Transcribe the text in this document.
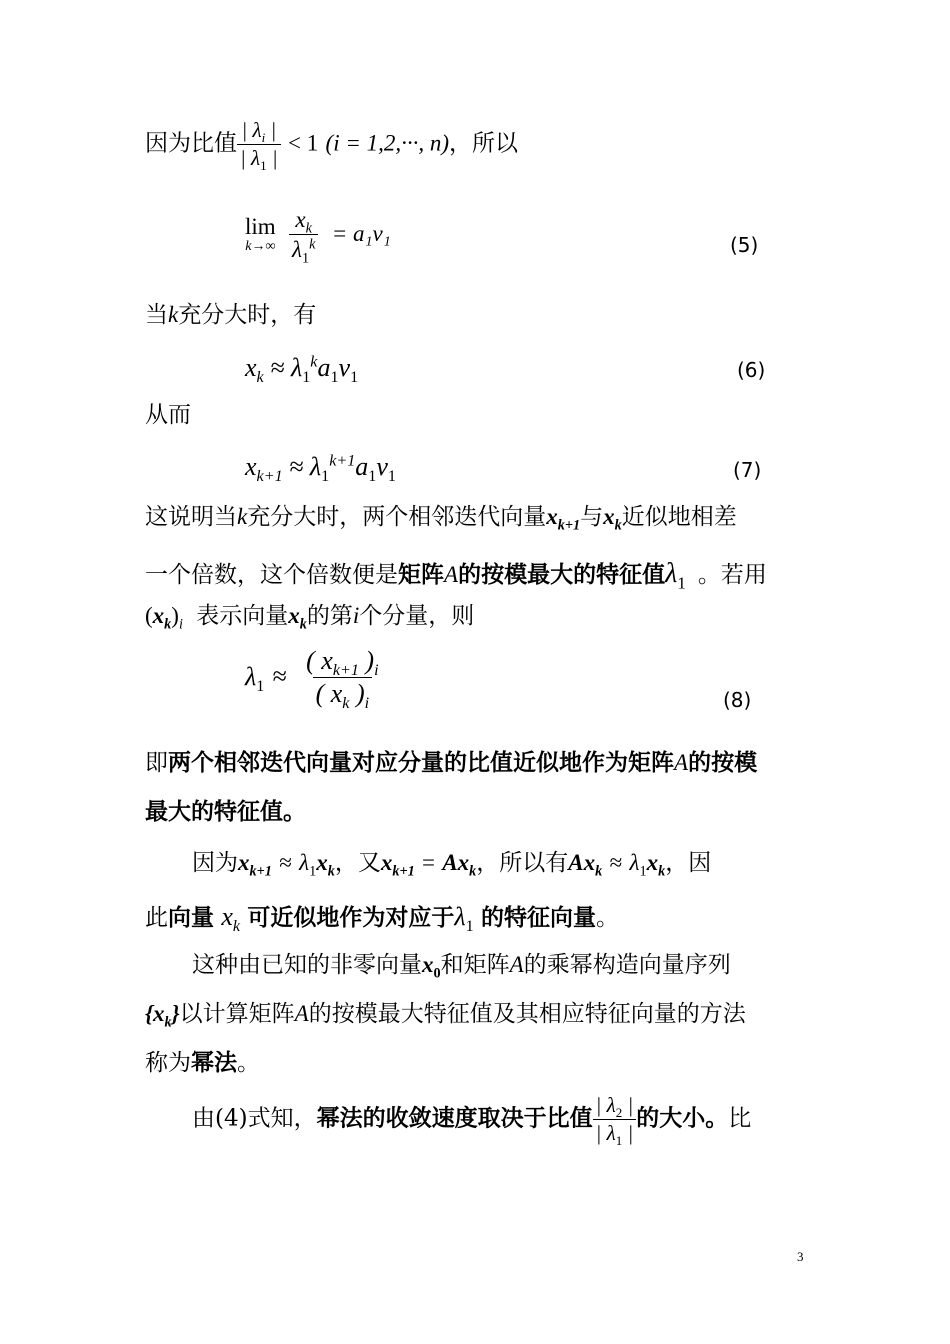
因为比值 $\frac{| \lambda_i |}{| \lambda_1 |} < 1$ (i = 1,2,···, n)，所以
lim
k→∞
$\frac{x_k}{\lambda_1^k} = a_1v_1$	(5)
当k充分大时，有
$x_k \approx \lambda_1^ka_1v_1$	(6)
从而
$x_{k+1} \approx \lambda_1^{k+1}a_1v_1$	(7)
这说明当k充分大时，两个相邻迭代向量$x_{k+1}$与$x_k$近似地相差
一个倍数，这个倍数便是矩阵A的按模最大的特征值$\lambda_1$ 。若用
$(x_k)_i$ 表示向量$x_k$的第i个分量，则
$\lambda_1 \approx \frac{( x_{k+1} )_i}{( x_k )_i}$	(8)
即两个相邻迭代向量对应分量的比值近似地作为矩阵A的按模
最大的特征值。
因为$x_{k+1} \approx \lambda_1x_k$，又$x_{k+1} = Ax_k$，所以有$Ax_k \approx \lambda_1x_k$，因
此向量 $x_k$ 可近似地作为对应于$\lambda_1$ 的特征向量。
这种由已知的非零向量$x_0$和矩阵A的乘幂构造向量序列
$\{x_k\}$以计算矩阵A的按模最大特征值及其相应特征向量的方法
称为幂法。
由(4)式知，幂法的收敛速度取决于比值 $\frac{| \lambda_2 |}{| \lambda_1 |}$ 的大小。比
3
